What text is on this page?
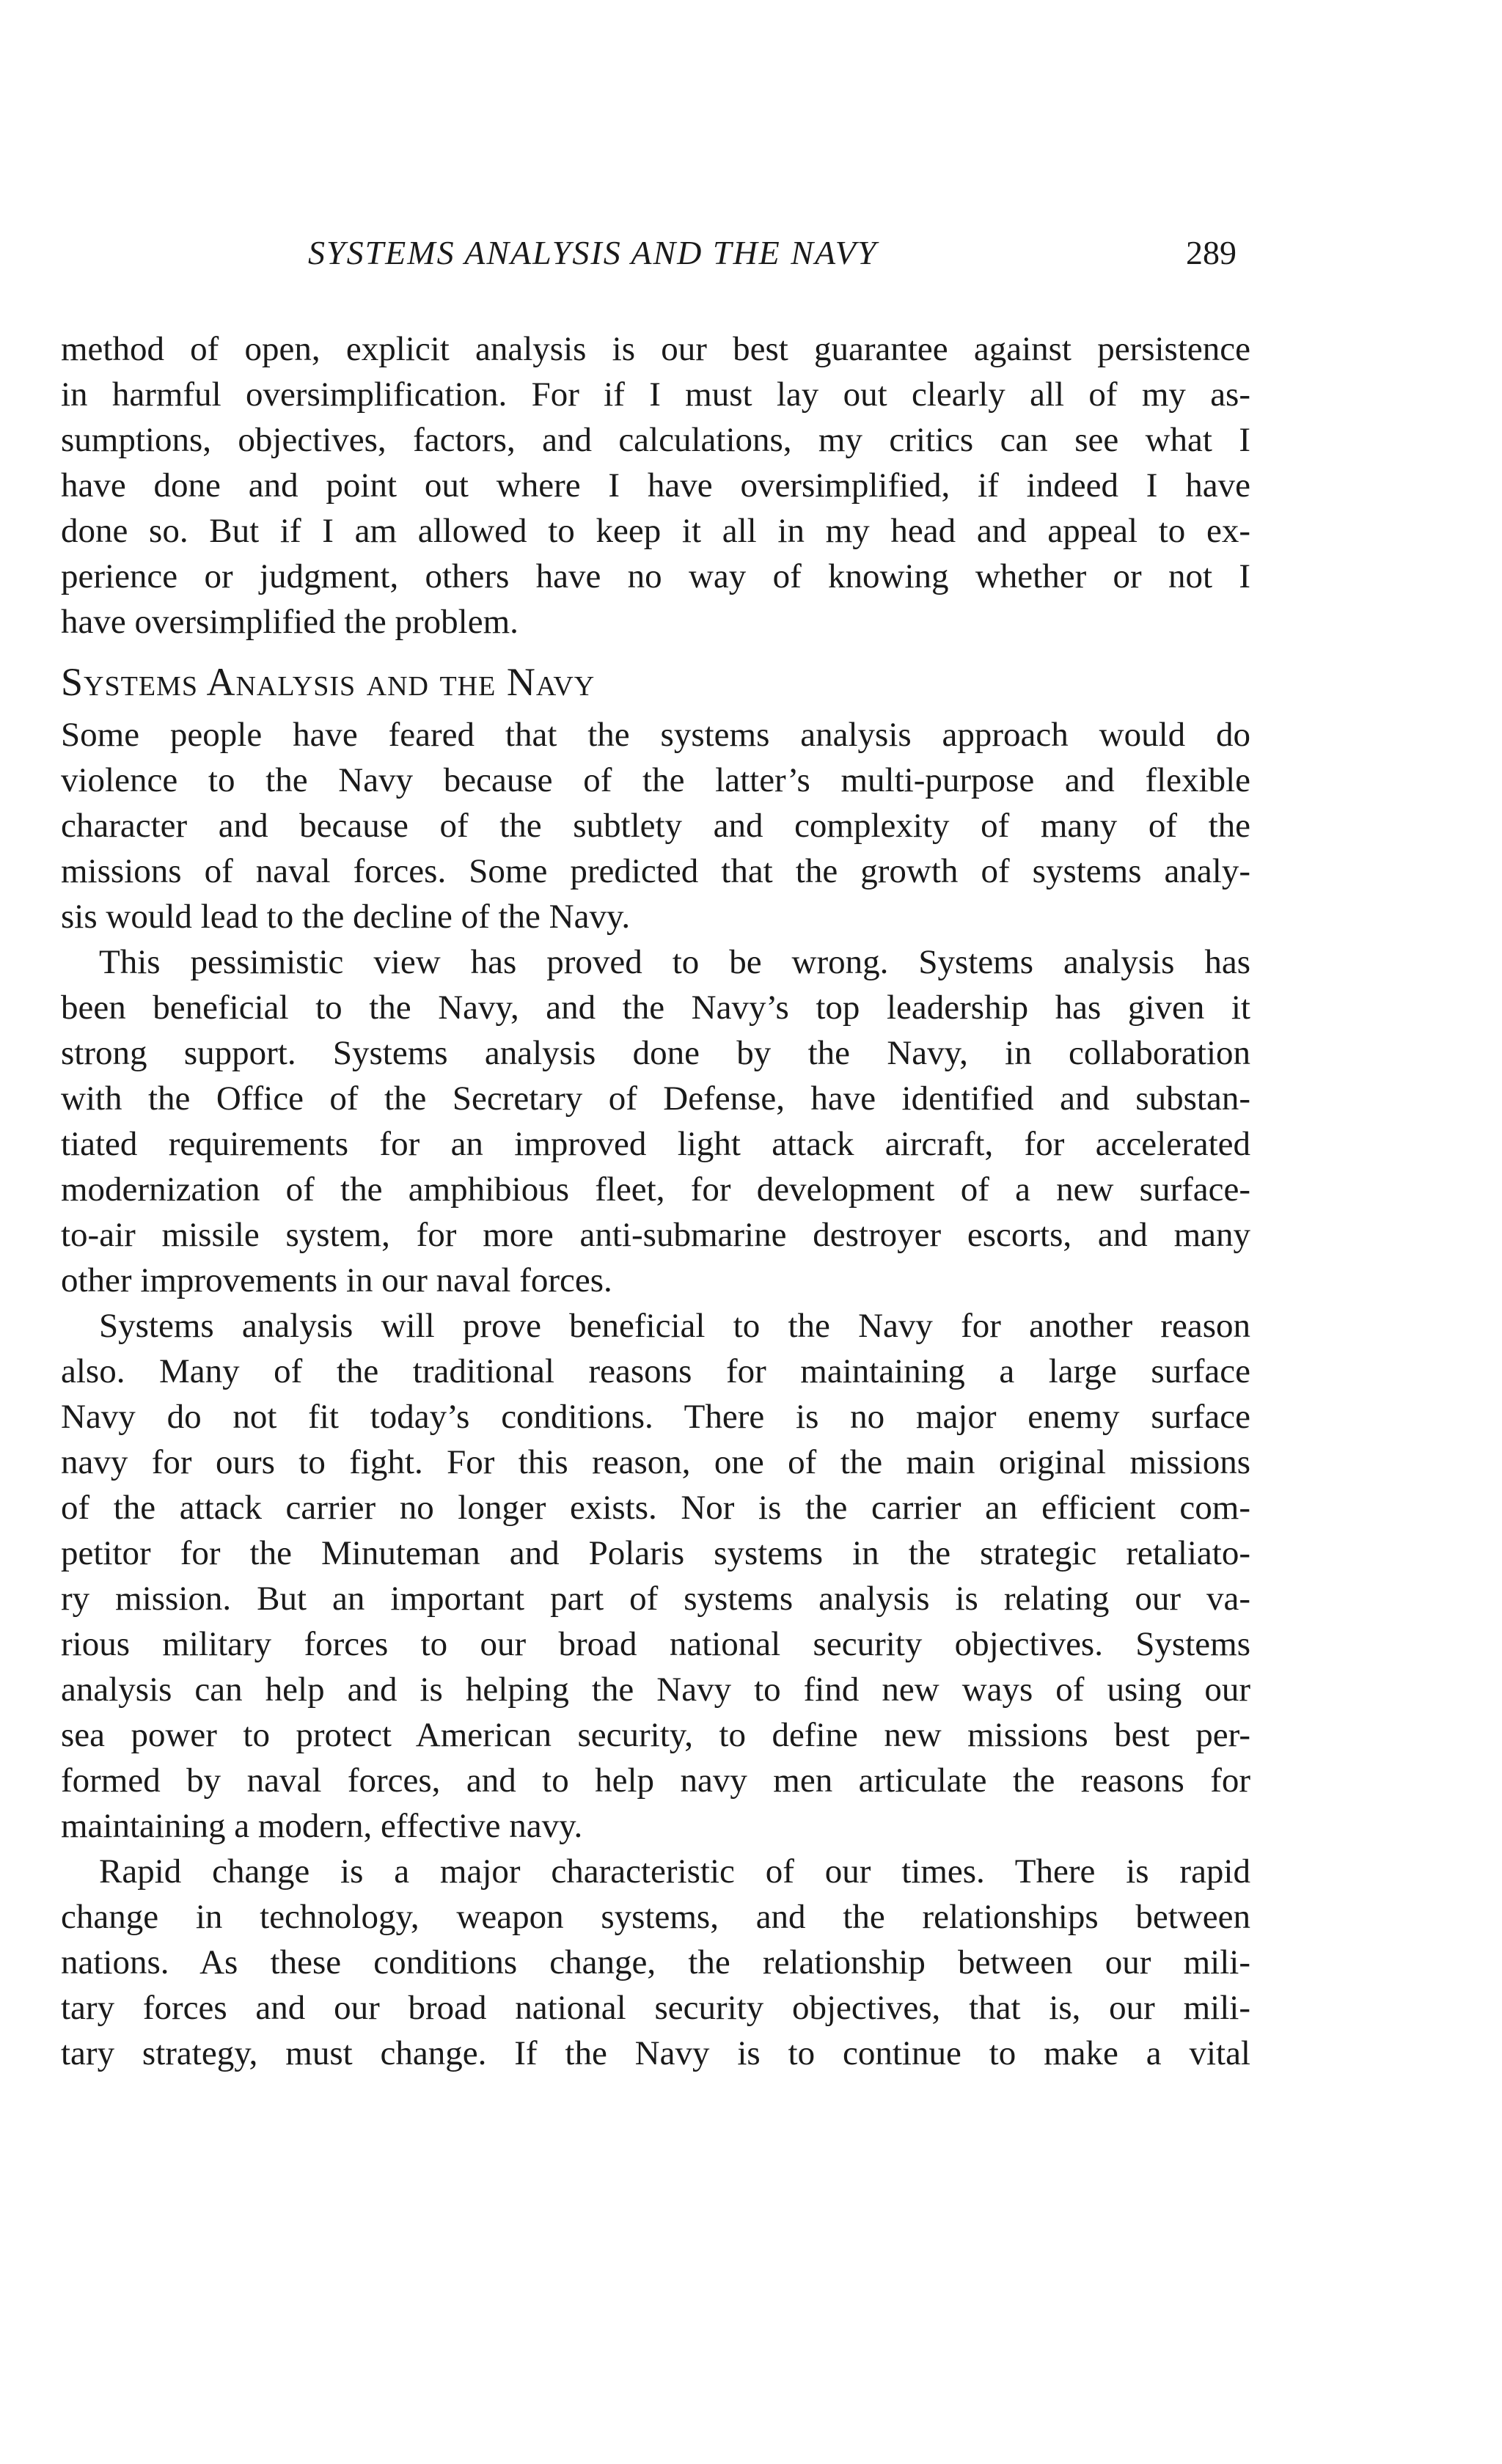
SYSTEMS ANALYSIS AND THE NAVY	289
method of open, explicit analysis is our best guarantee against persistence
in harmful oversimplification. For if I must lay out clearly all of my as-
sumptions, objectives, factors, and calculations, my critics can see what I
have done and point out where I have oversimplified, if indeed I have
done so. But if I am allowed to keep it all in my head and appeal to ex-
perience or judgment, others have no way of knowing whether or not I
have oversimplified the problem.
Systems Analysis and the Navy
Some people have feared that the systems analysis approach would do
violence to the Navy because of the latter’s multi-purpose and flexible
character and because of the subtlety and complexity of many of the
missions of naval forces. Some predicted that the growth of systems analy-
sis would lead to the decline of the Navy.
This pessimistic view has proved to be wrong. Systems analysis has
been beneficial to the Navy, and the Navy’s top leadership has given it
strong support. Systems analysis done by the Navy, in collaboration
with the Office of the Secretary of Defense, have identified and substan-
tiated requirements for an improved light attack aircraft, for accelerated
modernization of the amphibious fleet, for development of a new surface-
to-air missile system, for more anti-submarine destroyer escorts, and many
other improvements in our naval forces.
Systems analysis will prove beneficial to the Navy for another reason
also. Many of the traditional reasons for maintaining a large surface
Navy do not fit today’s conditions. There is no major enemy surface
navy for ours to fight. For this reason, one of the main original missions
of the attack carrier no longer exists. Nor is the carrier an efficient com-
petitor for the Minuteman and Polaris systems in the strategic retaliato-
ry mission. But an important part of systems analysis is relating our va-
rious military forces to our broad national security objectives. Systems
analysis can help and is helping the Navy to find new ways of using our
sea power to protect American security, to define new missions best per-
formed by naval forces, and to help navy men articulate the reasons for
maintaining a modern, effective navy.
Rapid change is a major characteristic of our times. There is rapid
change in technology, weapon systems, and the relationships between
nations. As these conditions change, the relationship between our mili-
tary forces and our broad national security objectives, that is, our mili-
tary strategy, must change. If the Navy is to continue to make a vital
